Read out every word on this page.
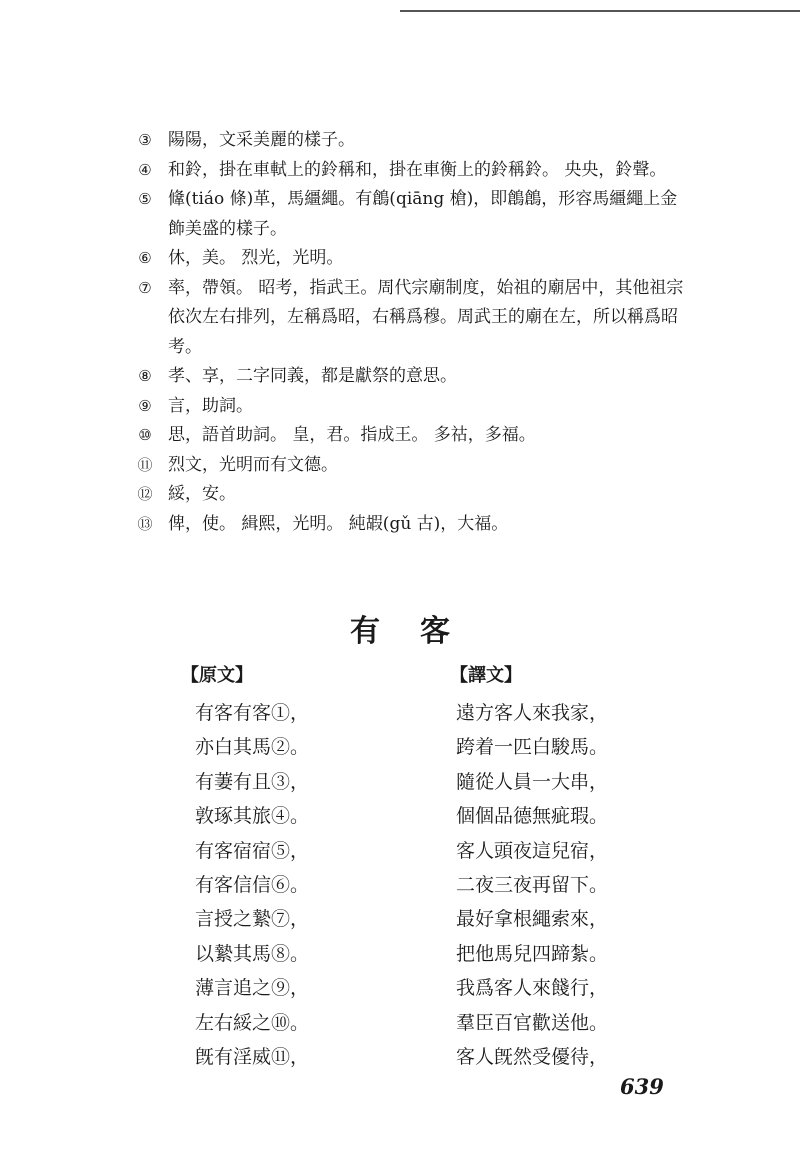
③ 陽陽，文采美麗的樣子。
④ 和鈴，掛在車軾上的鈴稱和，掛在車衡上的鈴稱鈴。 央央，鈴聲。
⑤ 鞗(tiáo 條)革，馬繮繩。有鶬(qiāng 槍)，即鶬鶬，形容馬繮繩上金飾美盛的樣子。
⑥ 休，美。 烈光，光明。
⑦ 率，帶領。 昭考，指武王。周代宗廟制度，始祖的廟居中，其他祖宗依次左右排列，左稱爲昭，右稱爲穆。周武王的廟在左，所以稱爲昭考。
⑧ 孝、享，二字同義，都是獻祭的意思。
⑨ 言，助詞。
⑩ 思，語首助詞。 皇，君。指成王。 多祜，多福。
⑪ 烈文，光明而有文德。
⑫ 綏，安。
⑬ 俾，使。 緝熙，光明。 純嘏(gǔ 古)，大福。
有客
【原文】
有客有客①，
亦白其馬②。
有萋有且③，
敦琢其旅④。
有客宿宿⑤，
有客信信⑥。
言授之縶⑦，
以縶其馬⑧。
薄言追之⑨，
左右綏之⑩。
旣有淫威⑪，
【譯文】
遠方客人來我家，
跨着一匹白駿馬。
隨從人員一大串，
個個品德無疵瑕。
客人頭夜這兒宿，
二夜三夜再留下。
最好拿根繩索來，
把他馬兒四蹄紮。
我爲客人來餞行，
羣臣百官歡送他。
客人旣然受優待，
639
